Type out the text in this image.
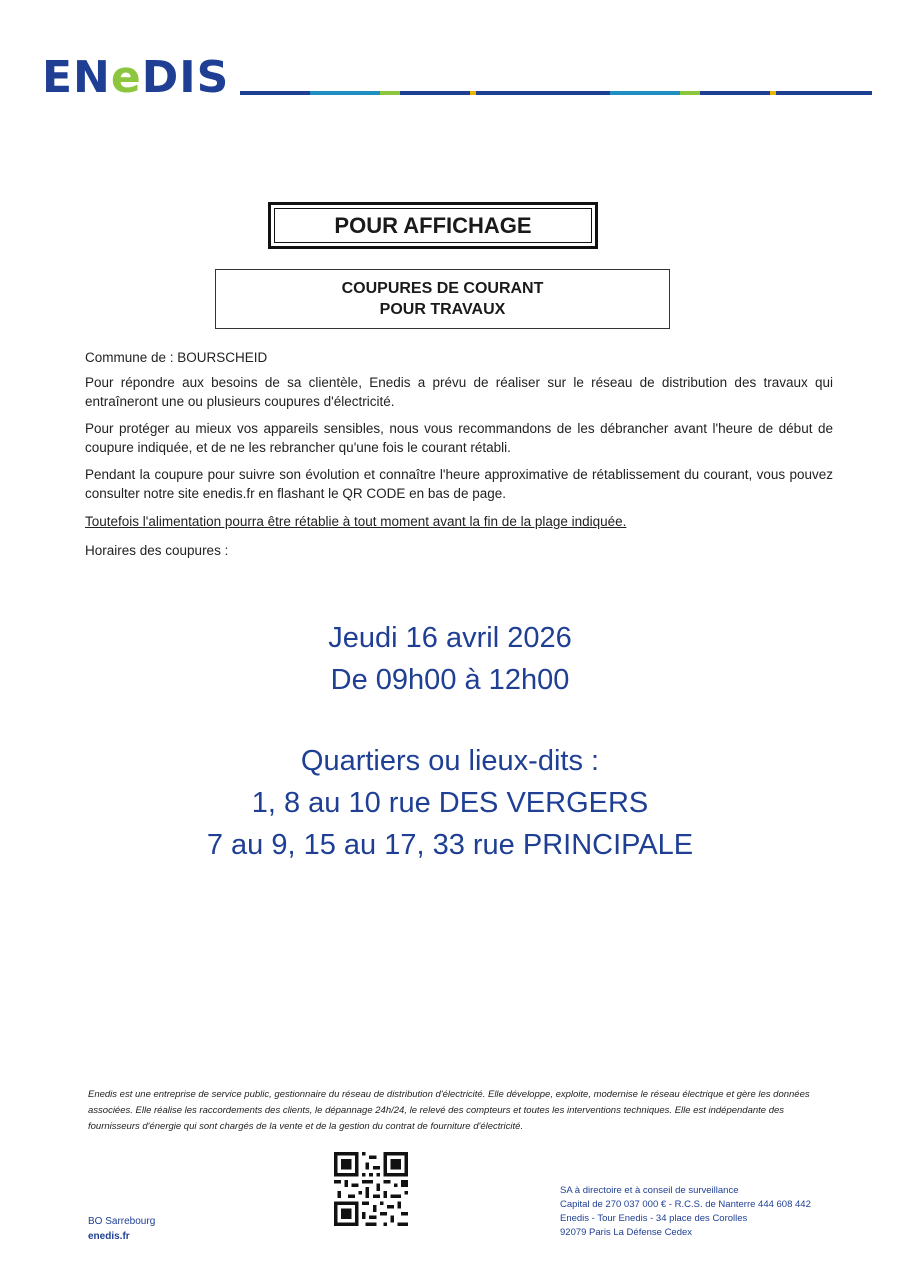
ENeDIS
POUR AFFICHAGE
COUPURES DE COURANT
POUR TRAVAUX
Commune de : BOURSCHEID
Pour répondre aux besoins de sa clientèle, Enedis a prévu de réaliser sur le réseau de distribution des travaux qui entraîneront une ou plusieurs coupures d'électricité.
Pour protéger au mieux vos appareils sensibles, nous vous recommandons de les débrancher avant l'heure de début de coupure indiquée, et de ne les rebrancher qu'une fois le courant rétabli.
Pendant la coupure pour suivre son évolution et connaître l'heure approximative de rétablissement du courant, vous pouvez consulter notre site enedis.fr en flashant le QR CODE en bas de page.
Toutefois l'alimentation pourra être rétablie à tout moment avant la fin de la plage indiquée.
Horaires des coupures :
Jeudi 16 avril 2026
De 09h00 à 12h00
Quartiers ou lieux-dits :
1, 8 au 10 rue DES VERGERS
7 au 9, 15 au 17, 33 rue PRINCIPALE
Enedis est une entreprise de service public, gestionnaire du réseau de distribution d'électricité. Elle développe, exploite, modernise le réseau électrique et gère les données associées. Elle réalise les raccordements des clients, le dépannage 24h/24, le relevé des compteurs et toutes les interventions techniques. Elle est indépendante des fournisseurs d'énergie qui sont chargés de la vente et de la gestion du contrat de fourniture d'électricité.
BO Sarrebourg
enedis.fr
SA à directoire et à conseil de surveillance
Capital de 270 037 000 € - R.C.S. de Nanterre 444 608 442
Enedis - Tour Enedis - 34 place des Corolles
92079 Paris La Défense Cedex
